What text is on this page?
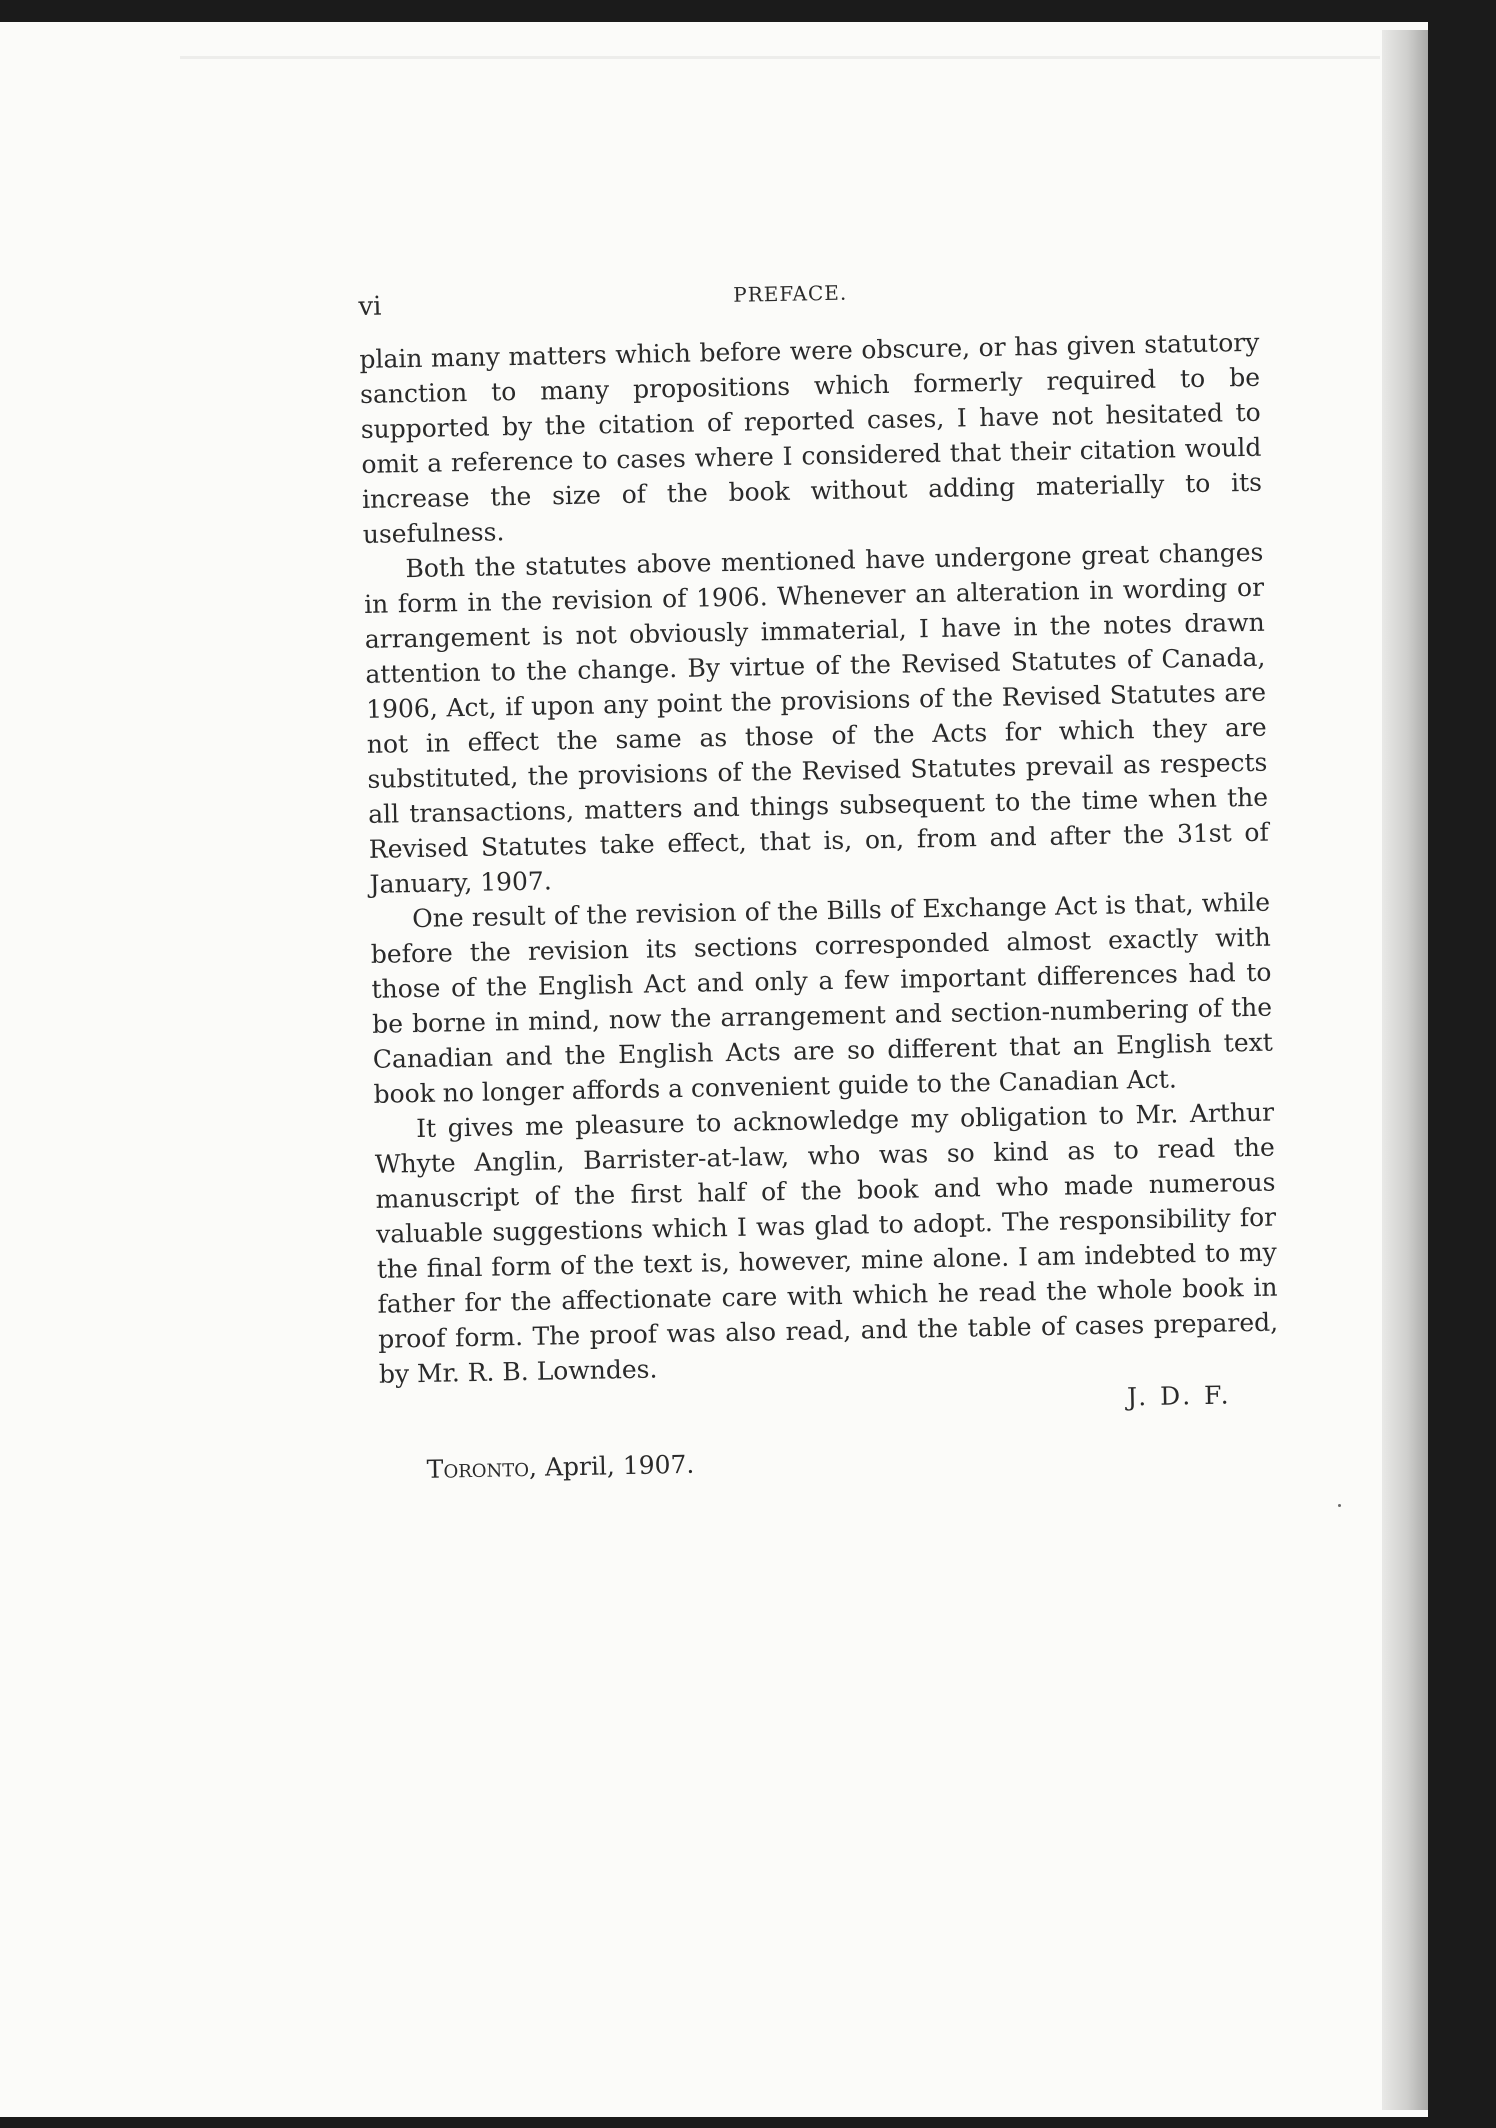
vi	PREFACE.

plain many matters which before were obscure, or has given statutory sanction to many propositions which formerly required to be supported by the citation of reported cases, I have not hesitated to omit a reference to cases where I considered that their citation would increase the size of the book without adding materially to its usefulness.

Both the statutes above mentioned have undergone great changes in form in the revision of 1906. Whenever an alteration in wording or arrangement is not obviously immaterial, I have in the notes drawn attention to the change. By virtue of the Revised Statutes of Canada, 1906, Act, if upon any point the provisions of the Revised Statutes are not in effect the same as those of the Acts for which they are substituted, the provisions of the Revised Statutes prevail as respects all transactions, matters and things subsequent to the time when the Revised Statutes take effect, that is, on, from and after the 31st of January, 1907.

One result of the revision of the Bills of Exchange Act is that, while before the revision its sections corresponded almost exactly with those of the English Act and only a few important differences had to be borne in mind, now the arrangement and section-numbering of the Canadian and the English Acts are so different that an English text book no longer affords a convenient guide to the Canadian Act.

It gives me pleasure to acknowledge my obligation to Mr. Arthur Whyte Anglin, Barrister-at-law, who was so kind as to read the manuscript of the first half of the book and who made numerous valuable suggestions which I was glad to adopt. The responsibility for the final form of the text is, however, mine alone. I am indebted to my father for the affectionate care with which he read the whole book in proof form. The proof was also read, and the table of cases prepared, by Mr. R. B. Lowndes.

J. D. F.
Toronto, April, 1907.
